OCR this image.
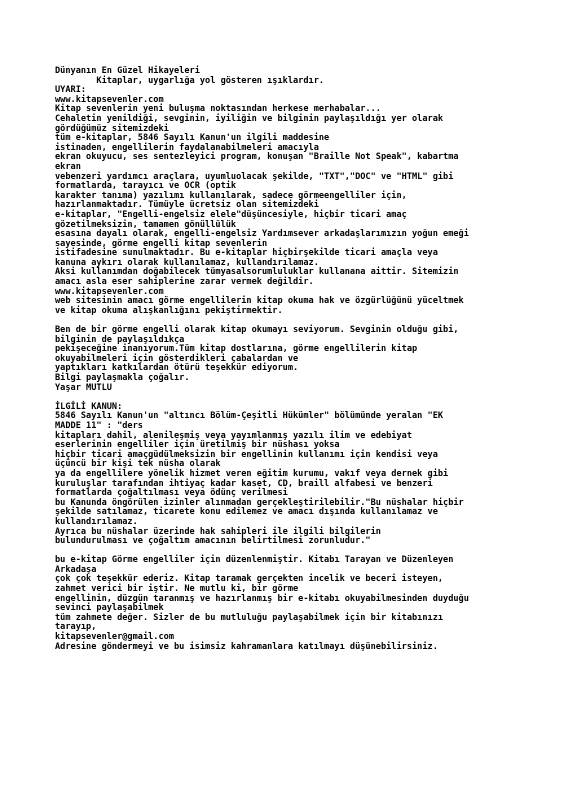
Dünyanın En Güzel Hikayeleri
Kitaplar, uygarlığa yol gösteren ışıklardır.
UYARI:
www.kitapsevenler.com
Kitap sevenlerin yeni buluşma noktasından herkese merhabalar...
Cehaletin yenildiği, sevginin, iyiliğin ve bilginin paylaşıldığı yer olarak
gördüğümüz sitemizdeki
tüm e-kitaplar, 5846 Sayılı Kanun'un ilgili maddesine
istinaden, engellilerin faydalanabilmeleri amacıyla
ekran okuyucu, ses sentezleyici program, konuşan "Braille Not Speak", kabartma
ekran
vebenzeri yardımcı araçlara, uyumluolacak şekilde, "TXT","DOC" ve "HTML" gibi
formatlarda, tarayıcı ve OCR (optik
karakter tanıma) yazılımı kullanılarak, sadece görmeengelliler için,
hazırlanmaktadır. Tümüyle ücretsiz olan sitemizdeki
e-kitaplar, "Engelli-engelsiz elele"düşüncesiyle, hiçbir ticari amaç
gözetilmeksizin, tamamen gönüllülük
esasına dayalı olarak, engelli-engelsiz Yardımsever arkadaşlarımızın yoğun emeği
sayesinde, görme engelli kitap sevenlerin
istifadesine sunulmaktadır. Bu e-kitaplar hiçbirşekilde ticari amaçla veya
kanuna aykırı olarak kullanılamaz, kullandırılamaz.
Aksi kullanımdan doğabilecek tümyasalsorumluluklar kullanana aittir. Sitemizin
amacı asla eser sahiplerine zarar vermek değildir.
www.kitapsevenler.com
web sitesinin amacı görme engellilerin kitap okuma hak ve özgürlüğünü yüceltmek
ve kitap okuma alışkanlığını pekiştirmektir.
Ben de bir görme engelli olarak kitap okumayı seviyorum. Sevginin olduğu gibi,
bilginin de paylaşıldıkça
pekişeceğine inanıyorum.Tüm kitap dostlarına, görme engellilerin kitap
okuyabilmeleri için gösterdikleri çabalardan ve
yaptıkları katkılardan ötürü teşekkür ediyorum.
Bilgi paylaşmakla çoğalır.
Yaşar MUTLU
İLGİLİ KANUN:
5846 Sayılı Kanun'un "altıncı Bölüm-Çeşitli Hükümler" bölümünde yeralan "EK
MADDE 11" : "ders
kitapları dahil, alenileşmiş veya yayımlanmış yazılı ilim ve edebiyat
eserlerinin engelliler için üretilmiş bir nüshası yoksa
hiçbir ticari amaçgüdülmeksizin bir engellinin kullanımı için kendisi veya
üçüncü bir kişi tek nüsha olarak
ya da engellilere yönelik hizmet veren eğitim kurumu, vakıf veya dernek gibi
kuruluşlar tarafından ihtiyaç kadar kaset, CD, braill alfabesi ve benzeri
formatlarda çoğaltılması veya ödünç verilmesi
bu Kanunda öngörülen izinler alınmadan gerçekleştirilebilir."Bu nüshalar hiçbir
şekilde satılamaz, ticarete konu edilemez ve amacı dışında kullanılamaz ve
kullandırılamaz.
Ayrıca bu nüshalar üzerinde hak sahipleri ile ilgili bilgilerin
bulundurulması ve çoğaltım amacının belirtilmesi zorunludur."
bu e-kitap Görme engelliler için düzenlenmiştir. Kitabı Tarayan ve Düzenleyen
Arkadaşa
çok çok teşekkür ederiz. Kitap taramak gerçekten incelik ve beceri isteyen,
zahmet verici bir iştir. Ne mutlu ki, bir görme
engellinin, düzgün taranmış ve hazırlanmış bir e-kitabı okuyabilmesinden duyduğu
sevinci paylaşabilmek
tüm zahmete değer. Sizler de bu mutluluğu paylaşabilmek için bir kitabınızı
tarayıp,
kitapsevenler@gmail.com
Adresine göndermeyi ve bu isimsiz kahramanlara katılmayı düşünebilirsiniz.
